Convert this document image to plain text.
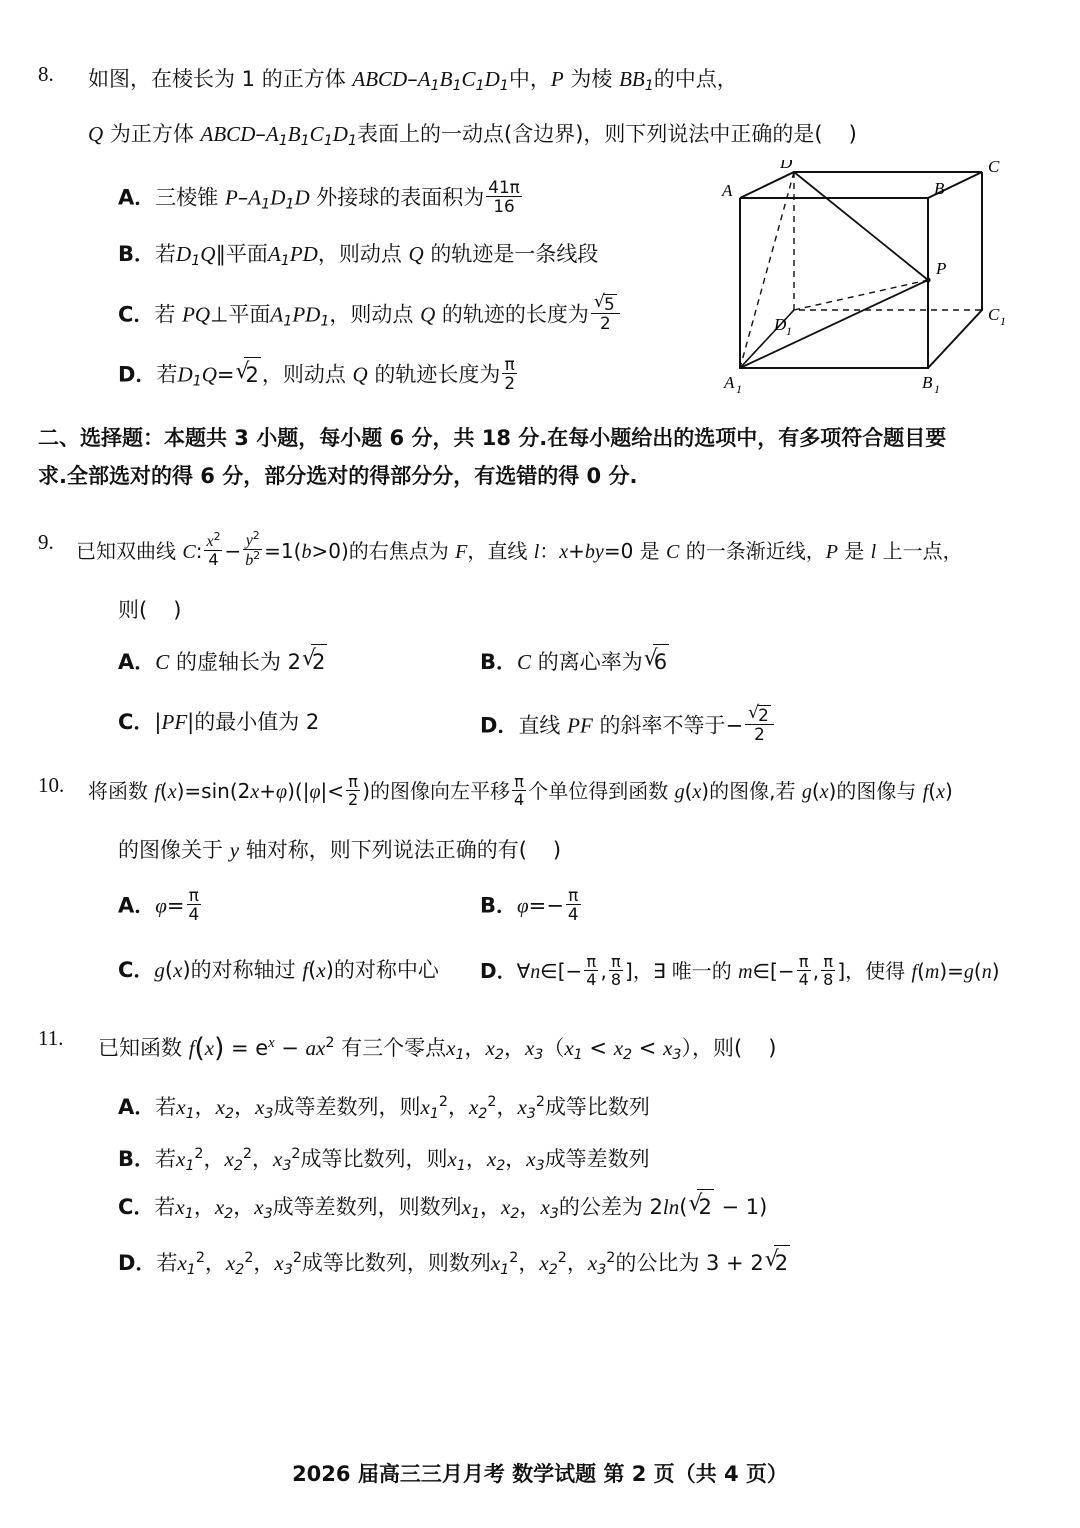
8. 如图，在棱长为 1 的正方体 ABCD–$A_1B_1C_1D_1$中，P 为棱 $BB_1$的中点，
Q 为正方体 ABCD–$A_1B_1C_1D_1$表面上的一动点(含边界)，则下列说法中正确的是( )
A．三棱锥 $P-A_1D_1D$ 外接球的表面积为 $\frac{41\pi}{16}$
B．若$D_1Q\parallel$平面$A_1PD$，则动点 Q 的轨迹是一条线段
C．若 PQ⊥平面$A_1PD_1$，则动点 Q 的轨迹的长度为 √ $\frac{5}{2}$
D．若$D_1Q=$ √ 2 ，则动点 Q 的轨迹长度为 $\frac{\pi}{2}$
D	C
A	B
P
D 1
C 1
A 1	B 1
二、选择题：本题共 3 小题，每小题 6 分，共 18 分.在每小题给出的选项中，有多项符合题目要
求.全部选对的得 6 分，部分选对的得部分分，有选错的得 0 分.
9. 已知双曲线 C: $\frac{x^2}{4} - \frac{y^2}{b^2} =1(b>0)$的右焦点为 F，直线 l：x+by=0 是 C 的一条渐近线，P 是 l 上一点，
则( )
A．C 的虚轴长为 2 √ 2	B．C 的离心率为 √ 6
C．|PF|的最小值为 2	D．直线 PF 的斜率不等于− √ $\frac{2}{2}$
10. 将函数 $f(x)=\sin(2x+\varphi)(|\varphi|< \frac{\pi}{2}$ )的图像向左平移 $\frac{\pi}{4}$ 个单位得到函数 g(x)的图像,若 g(x)的图像与 f(x)
的图像关于 y 轴对称，则下列说法正确的有( )
A．$\varphi= \frac{\pi}{4}$	B．$\varphi=- \frac{\pi}{4}$
C．g(x)的对称轴过 f(x)的对称中心 D．∀n∈[− $\frac{\pi}{4}$ , $\frac{\pi}{8}$ ]，∃ 唯一的 m∈[− $\frac{\pi}{4}$ , $\frac{\pi}{8}$ ]，使得 f(m)=g(n)
11. 已知函数 $f(x) = e^x - ax^2$ 有三个零点$x_1$，$x_2$，$x_3(x_1 < x_2 < x_3)$，则( )
A．若$x_1$，$x_2$，$x_3$成等差数列，则$x_1^2$，$x_2^2$，$x_3^2$成等比数列
B．若$x_1^2$，$x_2^2$，$x_3^2$成等比数列，则$x_1$，$x_2$，$x_3$成等差数列
C．若$x_1$，$x_2$，$x_3$成等差数列，则数列$x_1$，$x_2$，$x_3$的公差为 2ln( √ 2 − 1)
D．若$x_1^2$，$x_2^2$，$x_3^2$成等比数列，则数列$x_1^2$，$x_2^2$，$x_3^2$的公比为 3 + 2 √ 2
2026 届高三三月月考 数学试题 第 2 页（共 4 页）
